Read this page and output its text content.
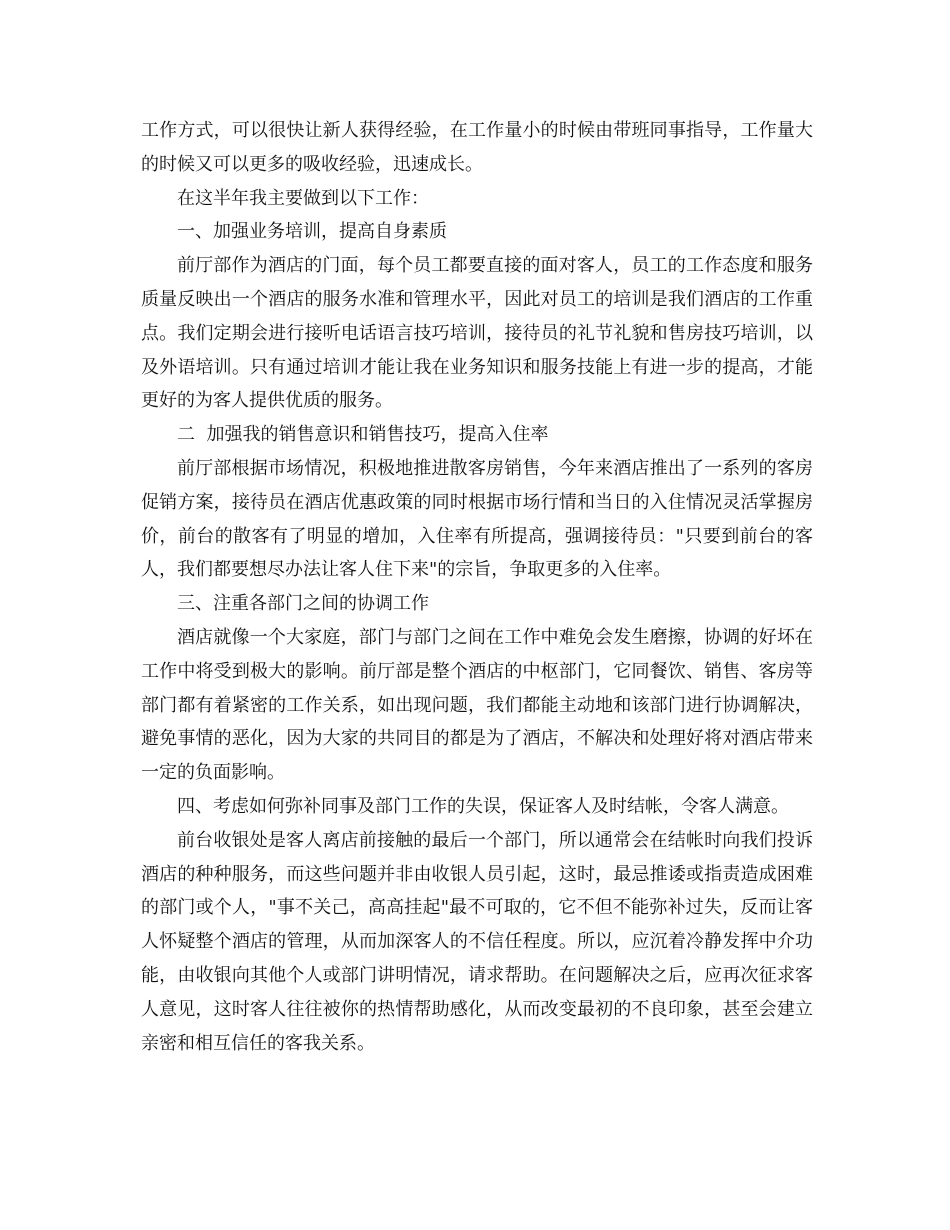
工作方式，可以很快让新人获得经验，在工作量小的时候由带班同事指导，工作量大的时候又可以更多的吸收经验，迅速成长。

在这半年我主要做到以下工作：

一、加强业务培训，提高自身素质

前厅部作为酒店的门面，每个员工都要直接的面对客人，员工的工作态度和服务质量反映出一个酒店的服务水准和管理水平，因此对员工的培训是我们酒店的工作重点。我们定期会进行接听电话语言技巧培训，接待员的礼节礼貌和售房技巧培训，以及外语培训。只有通过培训才能让我在业务知识和服务技能上有进一步的提高，才能更好的为客人提供优质的服务。

二  加强我的销售意识和销售技巧，提高入住率

前厅部根据市场情况，积极地推进散客房销售，今年来酒店推出了一系列的客房促销方案，接待员在酒店优惠政策的同时根据市场行情和当日的入住情况灵活掌握房价，前台的散客有了明显的增加，入住率有所提高，强调接待员："只要到前台的客人，我们都要想尽办法让客人住下来"的宗旨，争取更多的入住率。

三、注重各部门之间的协调工作

酒店就像一个大家庭，部门与部门之间在工作中难免会发生磨擦，协调的好坏在工作中将受到极大的影响。前厅部是整个酒店的中枢部门，它同餐饮、销售、客房等部门都有着紧密的工作关系，如出现问题，我们都能主动地和该部门进行协调解决，避免事情的恶化，因为大家的共同目的都是为了酒店，不解决和处理好将对酒店带来一定的负面影响。

四、考虑如何弥补同事及部门工作的失误，保证客人及时结帐，令客人满意。

前台收银处是客人离店前接触的最后一个部门，所以通常会在结帐时向我们投诉酒店的种种服务，而这些问题并非由收银人员引起，这时，最忌推诿或指责造成困难的部门或个人，"事不关己，高高挂起"最不可取的，它不但不能弥补过失，反而让客人怀疑整个酒店的管理，从而加深客人的不信任程度。所以，应沉着冷静发挥中介功能，由收银向其他个人或部门讲明情况，请求帮助。在问题解决之后，应再次征求客人意见，这时客人往往被你的热情帮助感化，从而改变最初的不良印象，甚至会建立亲密和相互信任的客我关系。
